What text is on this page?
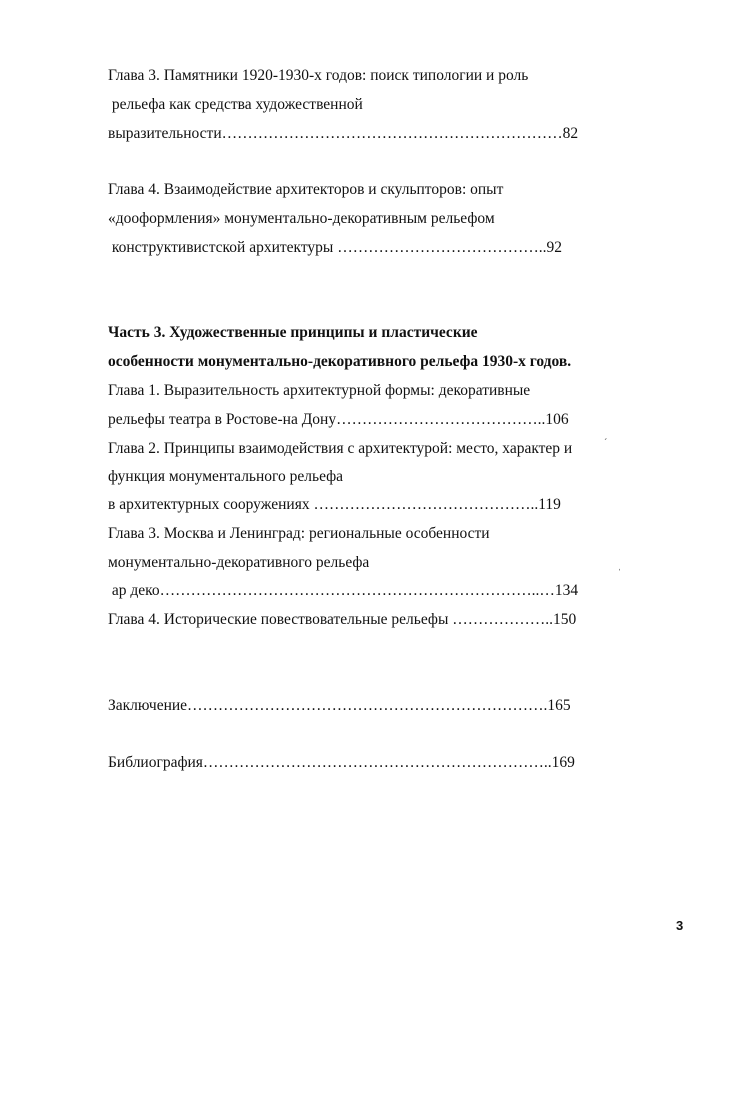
Глава 3. Памятники 1920-1930-х годов: поиск типологии и роль
рельефа как средства художественной
выразительности…………………………………………………………82
Глава 4. Взаимодействие архитекторов и скульпторов: опыт
«дооформления» монументально-декоративным рельефом
конструктивистской архитектуры …………………………………..92
Часть 3. Художественные принципы и пластические
особенности монументально-декоративного рельефа 1930-х годов.
Глава 1. Выразительность архитектурной формы: декоративные
рельефы театра в Ростове-на Дону…………………………………..106
Глава 2. Принципы взаимодействия с архитектурой: место, характер и
функция монументального рельефа
в архитектурных сооружениях ……………………………………..119
Глава 3. Москва и Ленинград: региональные особенности
монументально-декоративного рельефа
ар деко………………………………………………………………..…134
Глава 4. Исторические повествовательные рельефы ………………..150
Заключение…………………………………………………………….165
Библиография…………………………………………………………..169
ˊ
ˌ
3
